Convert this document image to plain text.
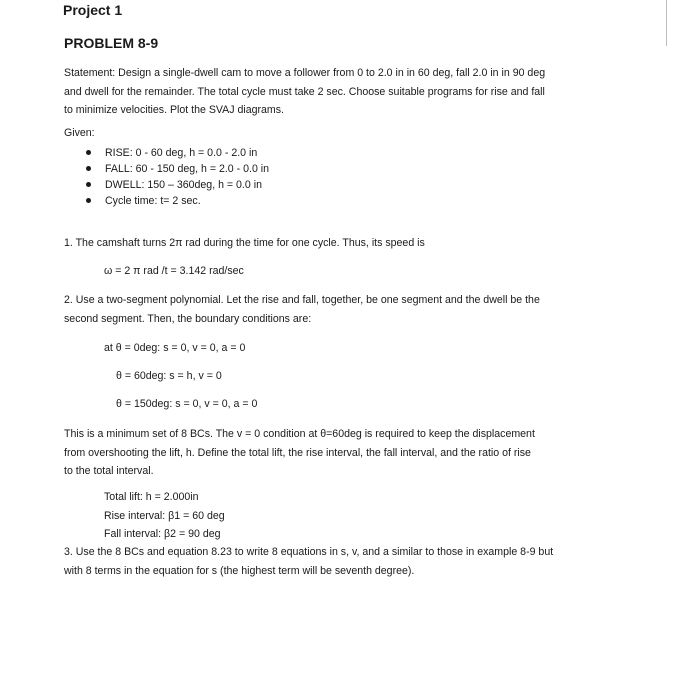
Project 1
PROBLEM 8-9
Statement: Design a single-dwell cam to move a follower from 0 to 2.0 in in 60 deg, fall 2.0 in in 90 deg
and dwell for the remainder. The total cycle must take 2 sec. Choose suitable programs for rise and fall
to minimize velocities. Plot the SVAJ diagrams.
Given:
RISE: 0 - 60 deg, h = 0.0 - 2.0 in
FALL: 60 - 150 deg, h = 2.0 - 0.0 in
DWELL: 150 – 360deg, h = 0.0 in
Cycle time: t= 2 sec.
1. The camshaft turns 2π rad during the time for one cycle. Thus, its speed is
ω = 2 π rad /t = 3.142 rad/sec
2. Use a two-segment polynomial. Let the rise and fall, together, be one segment and the dwell be the
second segment. Then, the boundary conditions are:
at θ = 0deg: s = 0, v = 0, a = 0
θ = 60deg: s = h, v = 0
θ = 150deg: s = 0, v = 0, a = 0
This is a minimum set of 8 BCs. The v = 0 condition at θ=60deg is required to keep the displacement
from overshooting the lift, h. Define the total lift, the rise interval, the fall interval, and the ratio of rise
to the total interval.
Total lift: h = 2.000in
Rise interval: β1 = 60 deg
Fall interval: β2 = 90 deg
3. Use the 8 BCs and equation 8.23 to write 8 equations in s, v, and a similar to those in example 8-9 but
with 8 terms in the equation for s (the highest term will be seventh degree).
